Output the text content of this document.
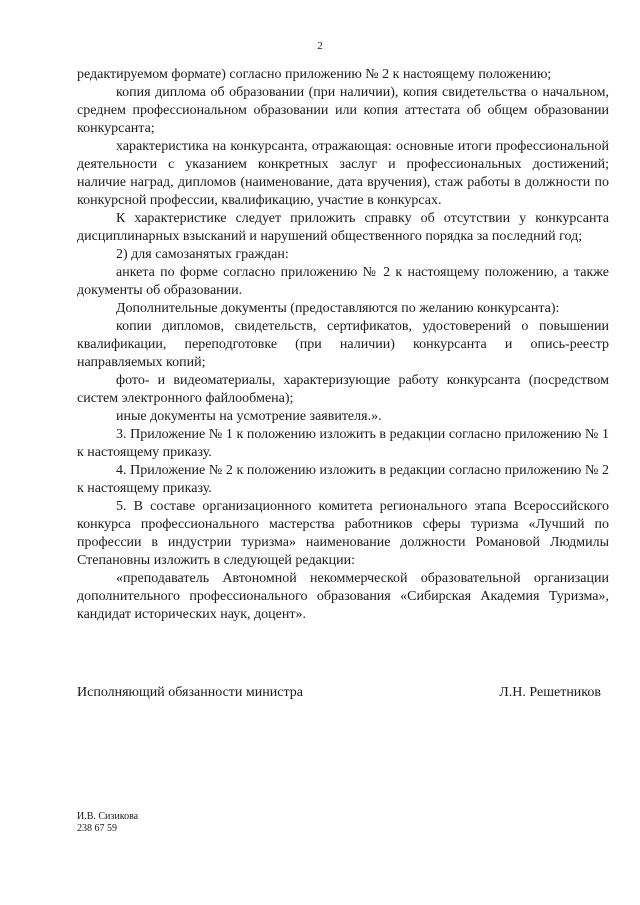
2

редактируемом формате) согласно приложению № 2 к настоящему положению;

копия диплома об образовании (при наличии), копия свидетельства о начальном, среднем профессиональном образовании или копия аттестата об общем образовании конкурсанта;

характеристика на конкурсанта, отражающая: основные итоги профессиональной деятельности с указанием конкретных заслуг и профессиональных достижений; наличие наград, дипломов (наименование, дата вручения), стаж работы в должности по конкурсной профессии, квалификацию, участие в конкурсах.

К характеристике следует приложить справку об отсутствии у конкурсанта дисциплинарных взысканий и нарушений общественного порядка за последний год;

2) для самозанятых граждан:

анкета по форме согласно приложению № 2 к настоящему положению, а также документы об образовании.

Дополнительные документы (предоставляются по желанию конкурсанта):

копии дипломов, свидетельств, сертификатов, удостоверений о повышении квалификации, переподготовке (при наличии) конкурсанта и опись-реестр направляемых копий;

фото- и видеоматериалы, характеризующие работу конкурсанта (посредством систем электронного файлообмена);

иные документы на усмотрение заявителя.».

3. Приложение № 1 к положению изложить в редакции согласно приложению № 1 к настоящему приказу.

4. Приложение № 2 к положению изложить в редакции согласно приложению № 2 к настоящему приказу.

5. В составе организационного комитета регионального этапа Всероссийского конкурса профессионального мастерства работников сферы туризма «Лучший по профессии в индустрии туризма» наименование должности Романовой Людмилы Степановны изложить в следующей редакции:

«преподаватель Автономной некоммерческой образовательной организации дополнительного профессионального образования «Сибирская Академия Туризма», кандидат исторических наук, доцент».

Исполняющий обязанности министра	Л.Н. Решетников
И.В. Сизикова
238 67 59
